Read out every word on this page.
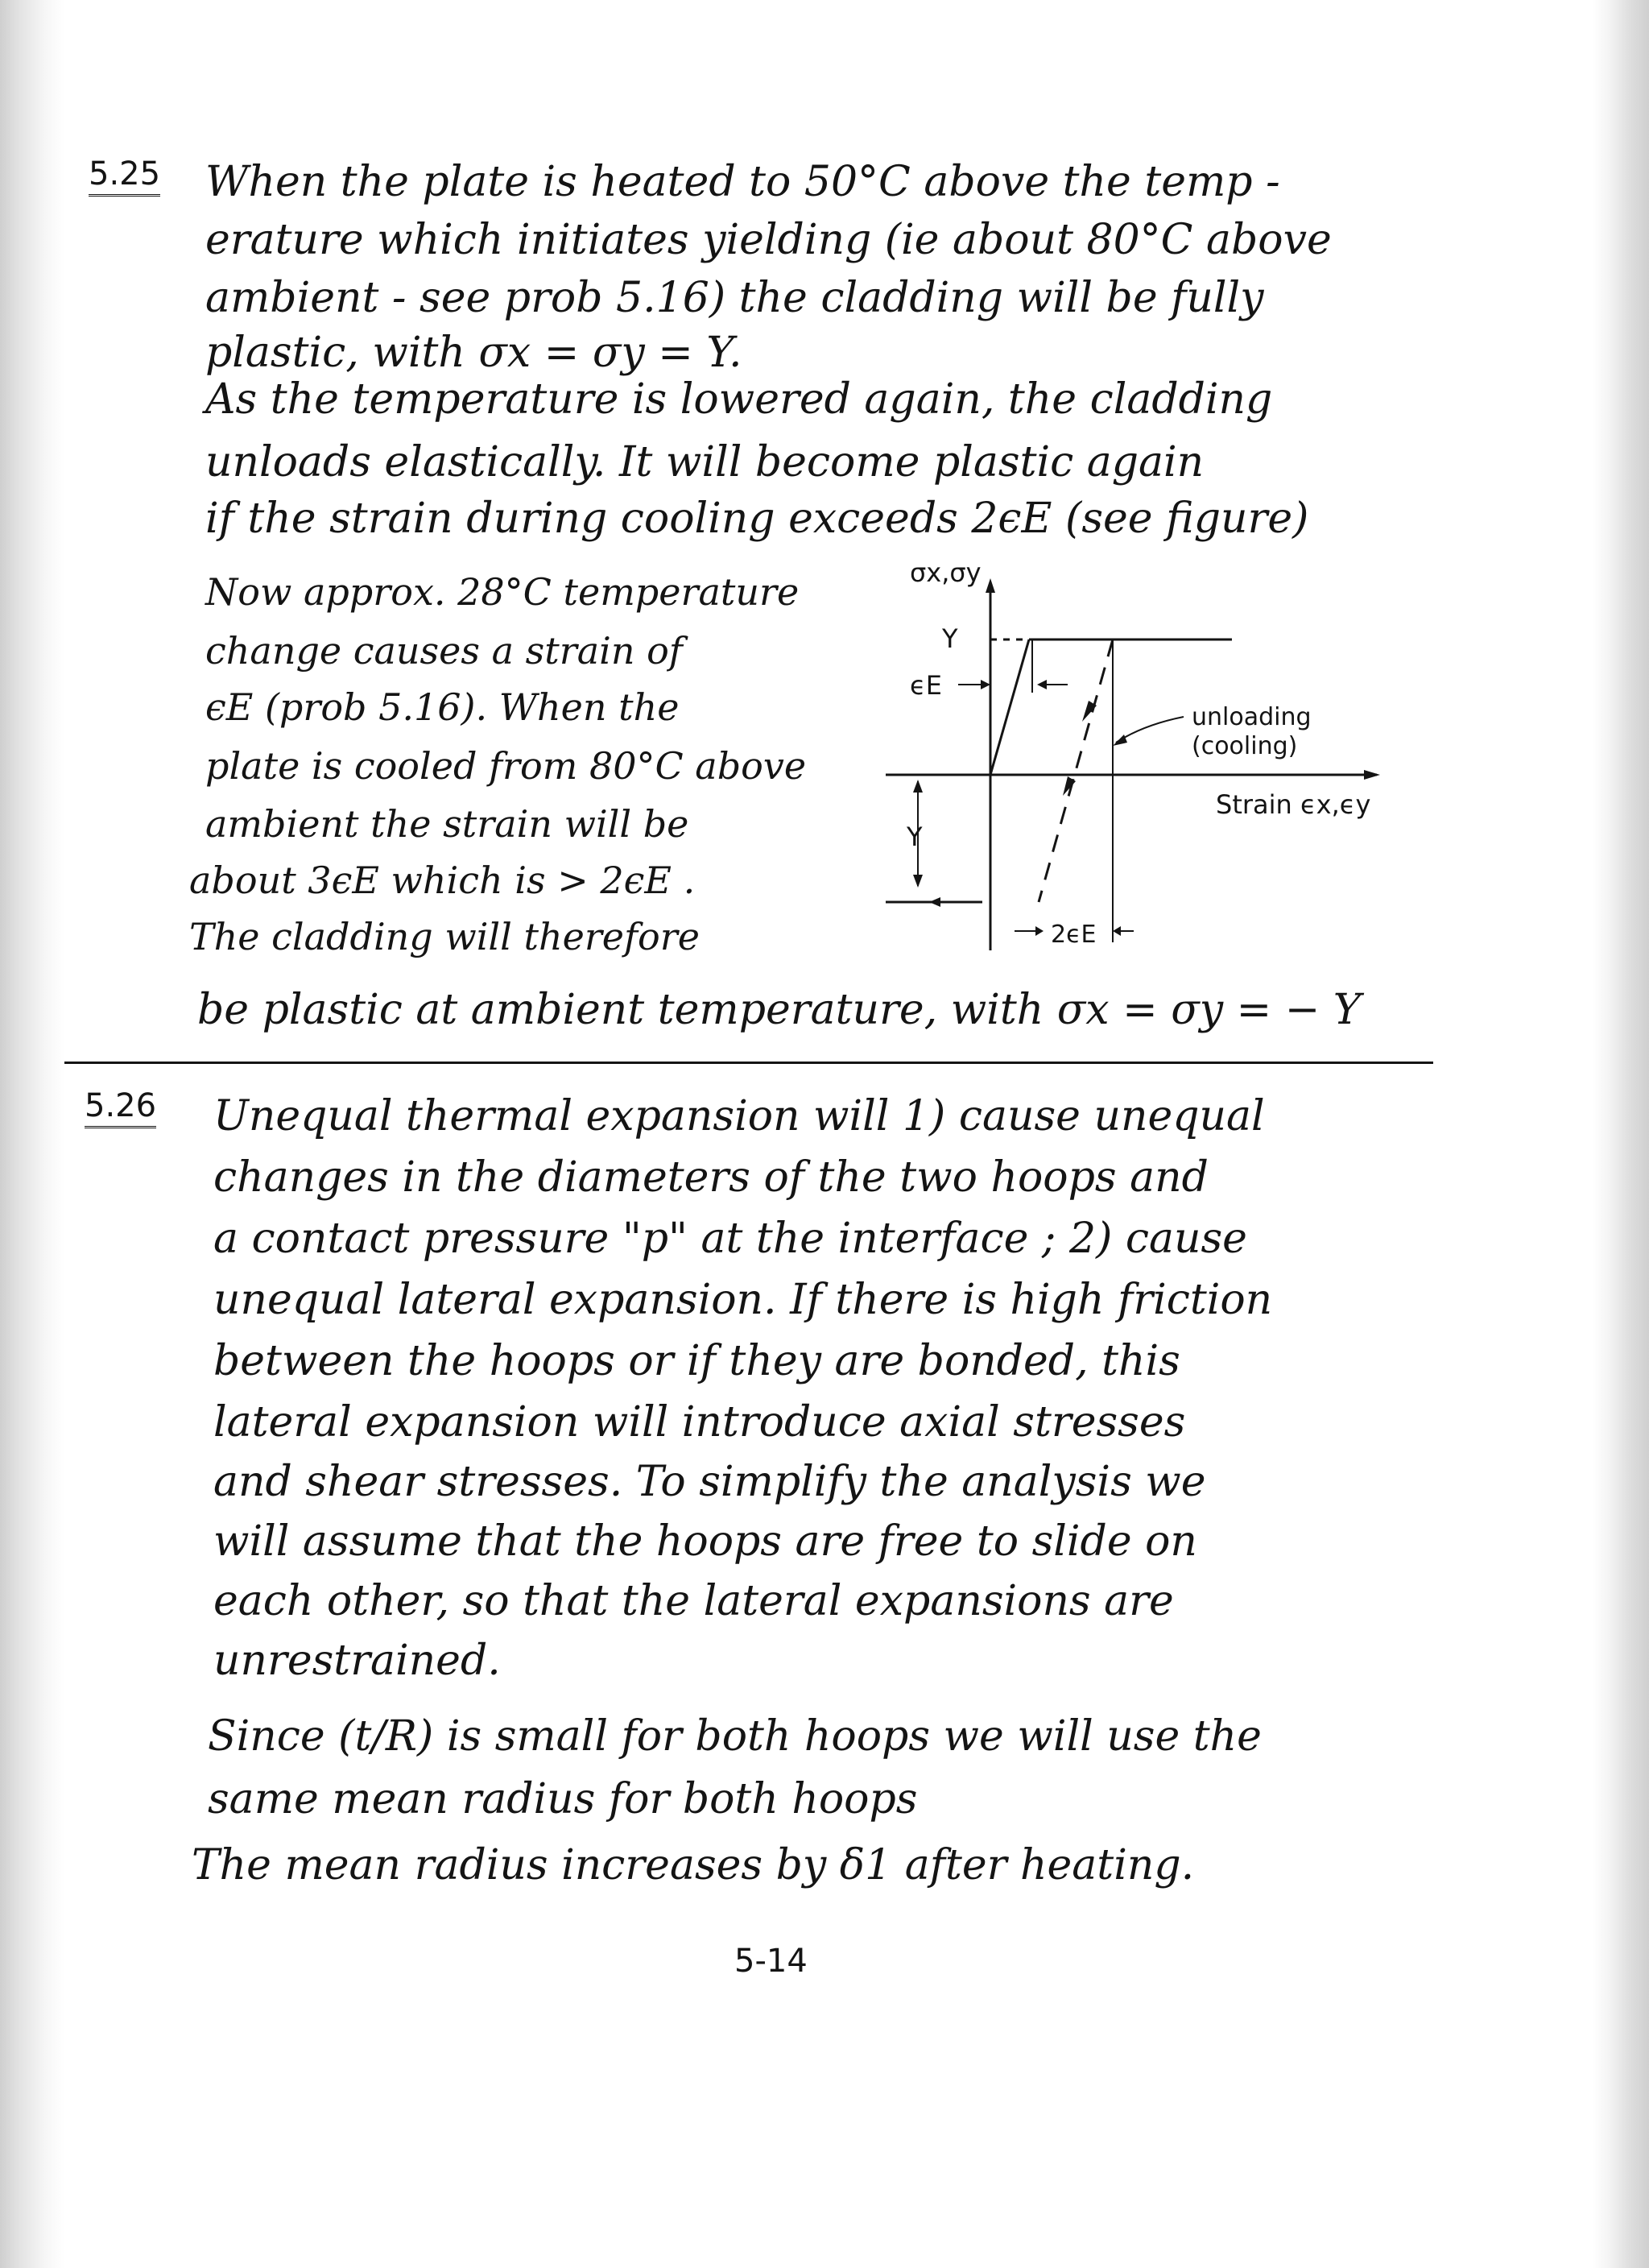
5.25 When the plate is heated to 50°C above the temp -
erature which initiates yielding (ie about 80°C above
ambient - see prob 5.16) the cladding will be fully
plastic, with σx = σy = Y.
As the temperature is lowered again, the cladding
unloads elastically. It will become plastic again
if the strain during cooling exceeds 2ϵE (see figure)
Now approx. 28°C temperature
change causes a strain of
ϵE (prob 5.16). When the
plate is cooled from 80°C above
ambient the strain will be
about 3ϵE which is > 2ϵE .
The cladding will therefore
be plastic at ambient temperature, with σx = σy = − Y
σx,σy
Y
ϵE
unloading
(cooling)
Strain ϵx,ϵy
Y
2ϵE
5.26 Unequal thermal expansion will 1) cause unequal
changes in the diameters of the two hoops and
a contact pressure "p" at the interface ; 2) cause
unequal lateral expansion. If there is high friction
between the hoops or if they are bonded, this
lateral expansion will introduce axial stresses
and shear stresses. To simplify the analysis we
will assume that the hoops are free to slide on
each other, so that the lateral expansions are
unrestrained.
Since (t/R) is small for both hoops we will use the
same mean radius for both hoops
The mean radius increases by δ1 after heating.
5-14
